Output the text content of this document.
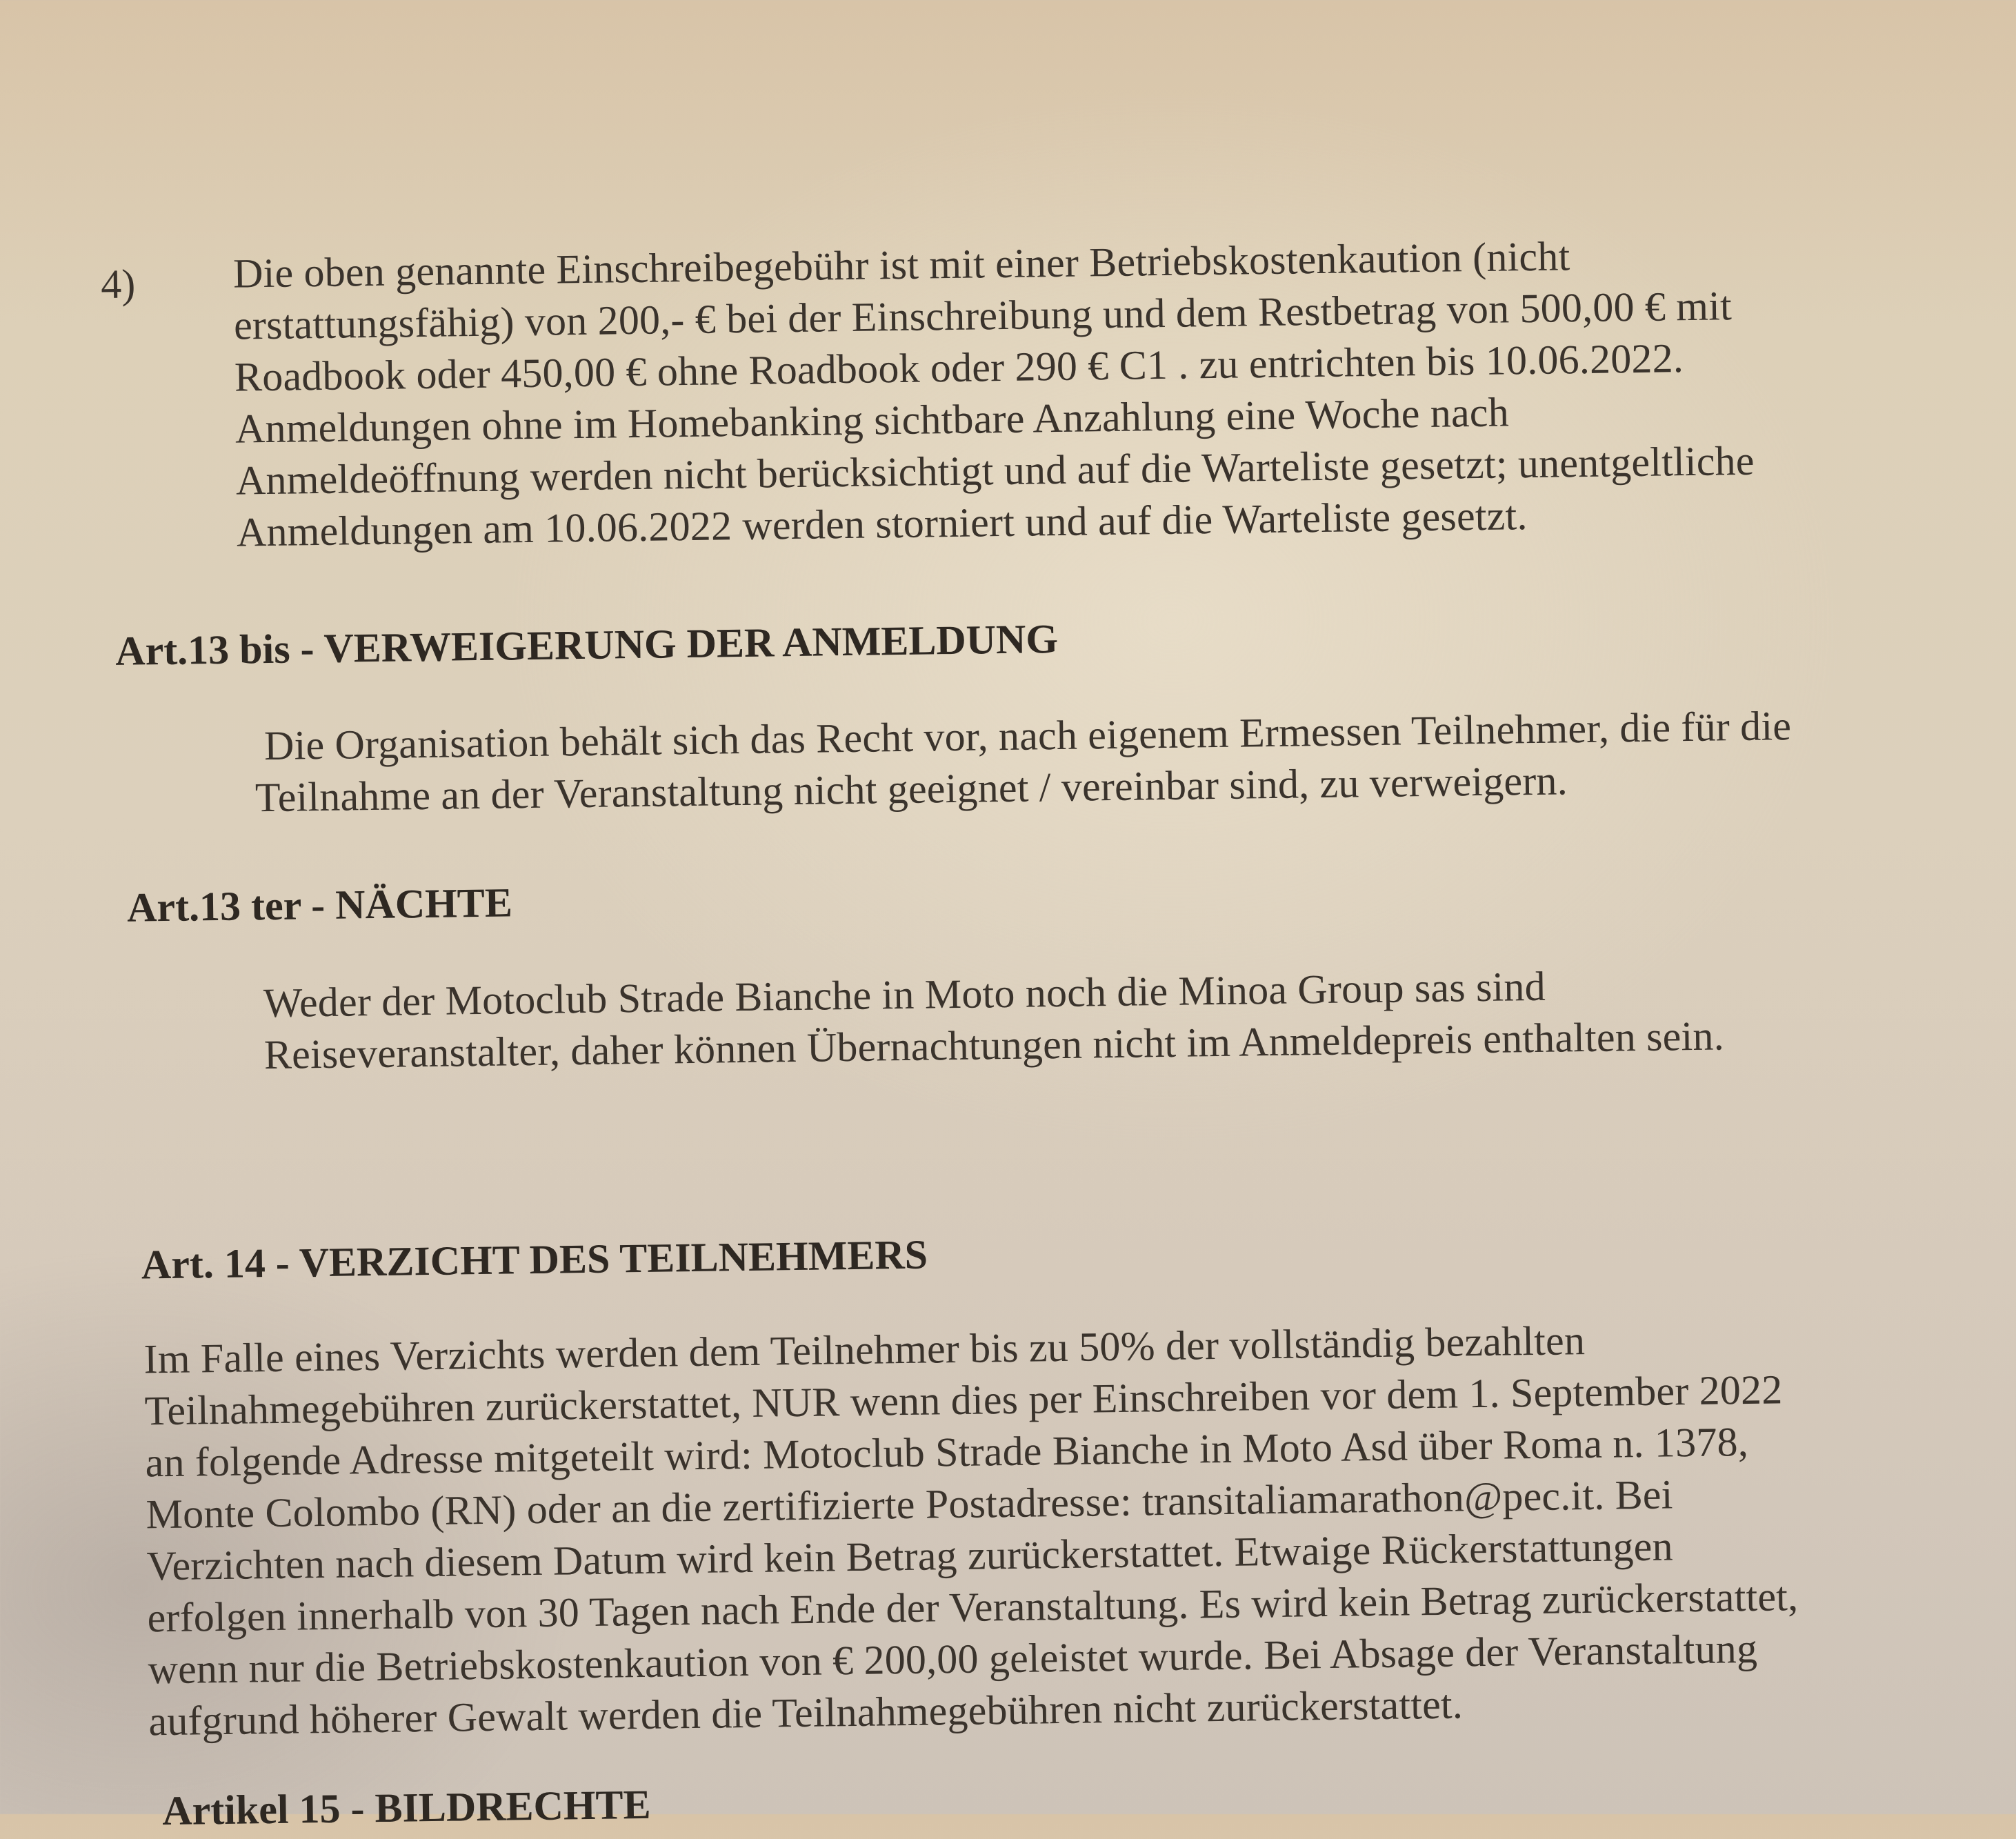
4) Die oben genannte Einschreibegebühr ist mit einer Betriebskostenkaution (nicht
erstattungsfähig) von 200,- € bei der Einschreibung und dem Restbetrag von 500,00 € mit
Roadbook oder 450,00 € ohne Roadbook oder 290 € C1 . zu entrichten bis 10.06.2022.
Anmeldungen ohne im Homebanking sichtbare Anzahlung eine Woche nach
Anmeldeöffnung werden nicht berücksichtigt und auf die Warteliste gesetzt; unentgeltliche
Anmeldungen am 10.06.2022 werden storniert und auf die Warteliste gesetzt.
Art.13 bis - VERWEIGERUNG DER ANMELDUNG
Die Organisation behält sich das Recht vor, nach eigenem Ermessen Teilnehmer, die für die
Teilnahme an der Veranstaltung nicht geeignet / vereinbar sind, zu verweigern.
Art.13 ter - NÄCHTE
Weder der Motoclub Strade Bianche in Moto noch die Minoa Group sas sind
Reiseveranstalter, daher können Übernachtungen nicht im Anmeldepreis enthalten sein.
Art. 14 - VERZICHT DES TEILNEHMERS
Im Falle eines Verzichts werden dem Teilnehmer bis zu 50% der vollständig bezahlten
Teilnahmegebühren zurückerstattet, NUR wenn dies per Einschreiben vor dem 1. September 2022
an folgende Adresse mitgeteilt wird: Motoclub Strade Bianche in Moto Asd über Roma n. 1378,
Monte Colombo (RN) oder an die zertifizierte Postadresse: transitaliamarathon@pec.it. Bei
Verzichten nach diesem Datum wird kein Betrag zurückerstattet. Etwaige Rückerstattungen
erfolgen innerhalb von 30 Tagen nach Ende der Veranstaltung. Es wird kein Betrag zurückerstattet,
wenn nur die Betriebskostenkaution von € 200,00 geleistet wurde. Bei Absage der Veranstaltung
aufgrund höherer Gewalt werden die Teilnahmegebühren nicht zurückerstattet.
Artikel 15 - BILDRECHTE
